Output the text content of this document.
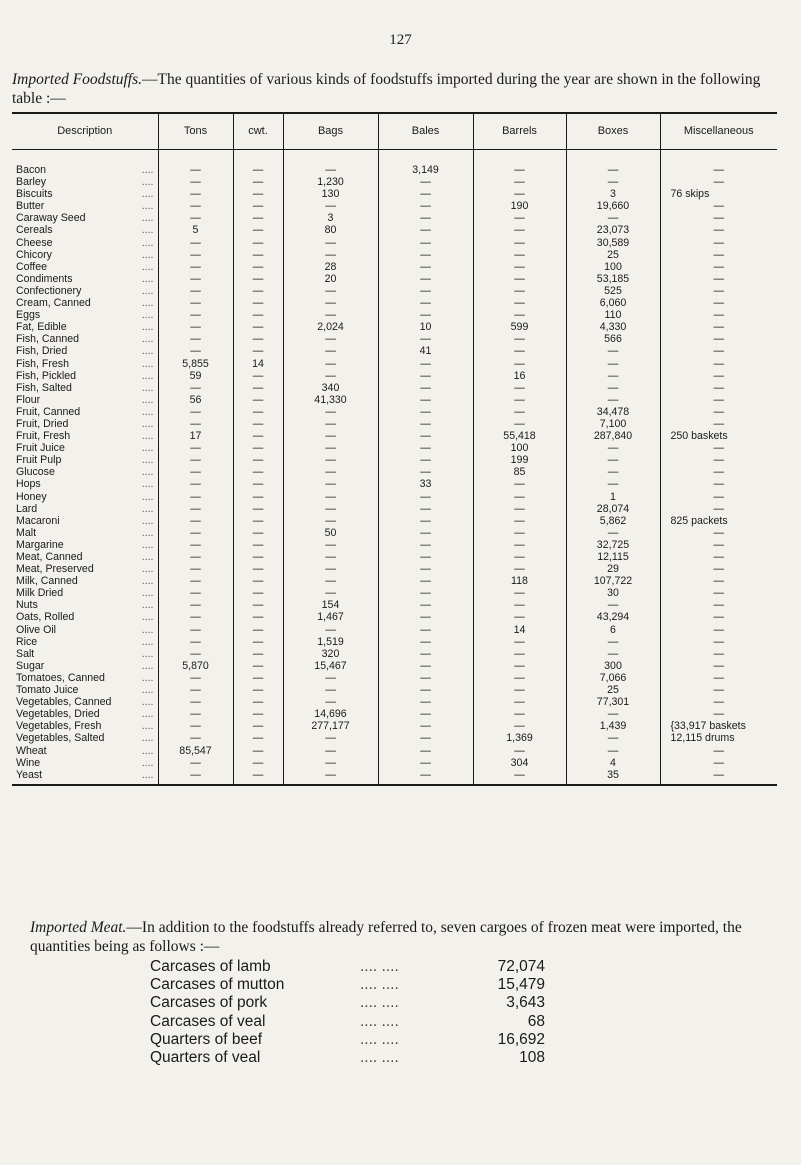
127

Imported Foodstuffs.—The quantities of various kinds of foodstuffs imported during the year are shown in the following table :—

Description	Tons	cwt.	Bags	Bales	Barrels	Boxes	Miscellaneous

Bacon ....	—	—	—	3,149	—	—	—
Barley ....	—	—	1,230	—	—	—	—
Biscuits ....	—	—	130	—	—	3	76 skips
Butter ....	—	—	—	—	190	19,660	—
Caraway Seed ....	—	—	3	—	—	—	—
Cereals ....	5	—	80	—	—	23,073	—
Cheese ....	—	—	—	—	—	30,589	—
Chicory ....	—	—	—	—	—	25	—
Coffee ....	—	—	28	—	—	100	—
Condiments ....	—	—	20	—	—	53,185	—
Confectionery ....	—	—	—	—	—	525	—
Cream, Canned ....	—	—	—	—	—	6,060	—
Eggs ....	—	—	—	—	—	110	—
Fat, Edible ....	—	—	2,024	10	599	4,330	—
Fish, Canned ....	—	—	—	—	—	566	—
Fish, Dried ....	—	—	—	41	—	—	—
Fish, Fresh ....	5,855	14	—	—	—	—	—
Fish, Pickled ....	59	—	—	—	16	—	—
Fish, Salted ....	—	—	340	—	—	—	—
Flour ....	56	—	41,330	—	—	—	—
Fruit, Canned ....	—	—	—	—	—	34,478	—
Fruit, Dried ....	—	—	—	—	—	7,100	—
Fruit, Fresh ....	17	—	—	—	55,418	287,840	250 baskets
Fruit Juice ....	—	—	—	—	100	—	—
Fruit Pulp ....	—	—	—	—	199	—	—
Glucose ....	—	—	—	—	85	—	—
Hops ....	—	—	—	33	—	—	—
Honey ....	—	—	—	—	—	1	—
Lard ....	—	—	—	—	—	28,074	—
Macaroni ....	—	—	—	—	—	5,862	825 packets
Malt ....	—	—	50	—	—	—	—
Margarine ....	—	—	—	—	—	32,725	—
Meat, Canned ....	—	—	—	—	—	12,115	—
Meat, Preserved ....	—	—	—	—	—	29	—
Milk, Canned ....	—	—	—	—	118	107,722	—
Milk Dried ....	—	—	—	—	—	30	—
Nuts ....	—	—	154	—	—	—	—
Oats, Rolled ....	—	—	1,467	—	—	43,294	—
Olive Oil ....	—	—	—	—	14	6	—
Rice ....	—	—	1,519	—	—	—	—
Salt ....	—	—	320	—	—	—	—
Sugar ....	5,870	—	15,467	—	—	300	—
Tomatoes, Canned ....	—	—	—	—	—	7,066	—
Tomato Juice ....	—	—	—	—	—	25	—
Vegetables, Canned ....	—	—	—	—	—	77,301	—
Vegetables, Dried ....	—	—	14,696	—	—	—	—
Vegetables, Fresh ....	—	—	277,177	—	—	1,439	{33,917 baskets
Vegetables, Salted ....	—	—	—	—	1,369	—	12,115 drums
Wheat ....	85,547	—	—	—	—	—	—
Wine ....	—	—	—	—	304	4	—
Yeast ....	—	—	—	—	—	35	—

Imported Meat.—In addition to the foodstuffs already referred to, seven cargoes of frozen meat were imported, the quantities being as follows :—

Carcases of lamb	.... ....	72,074
Carcases of mutton	.... ....	15,479
Carcases of pork	.... ....	3,643
Carcases of veal	.... ....	68
Quarters of beef	.... ....	16,692
Quarters of veal	.... ....	108
